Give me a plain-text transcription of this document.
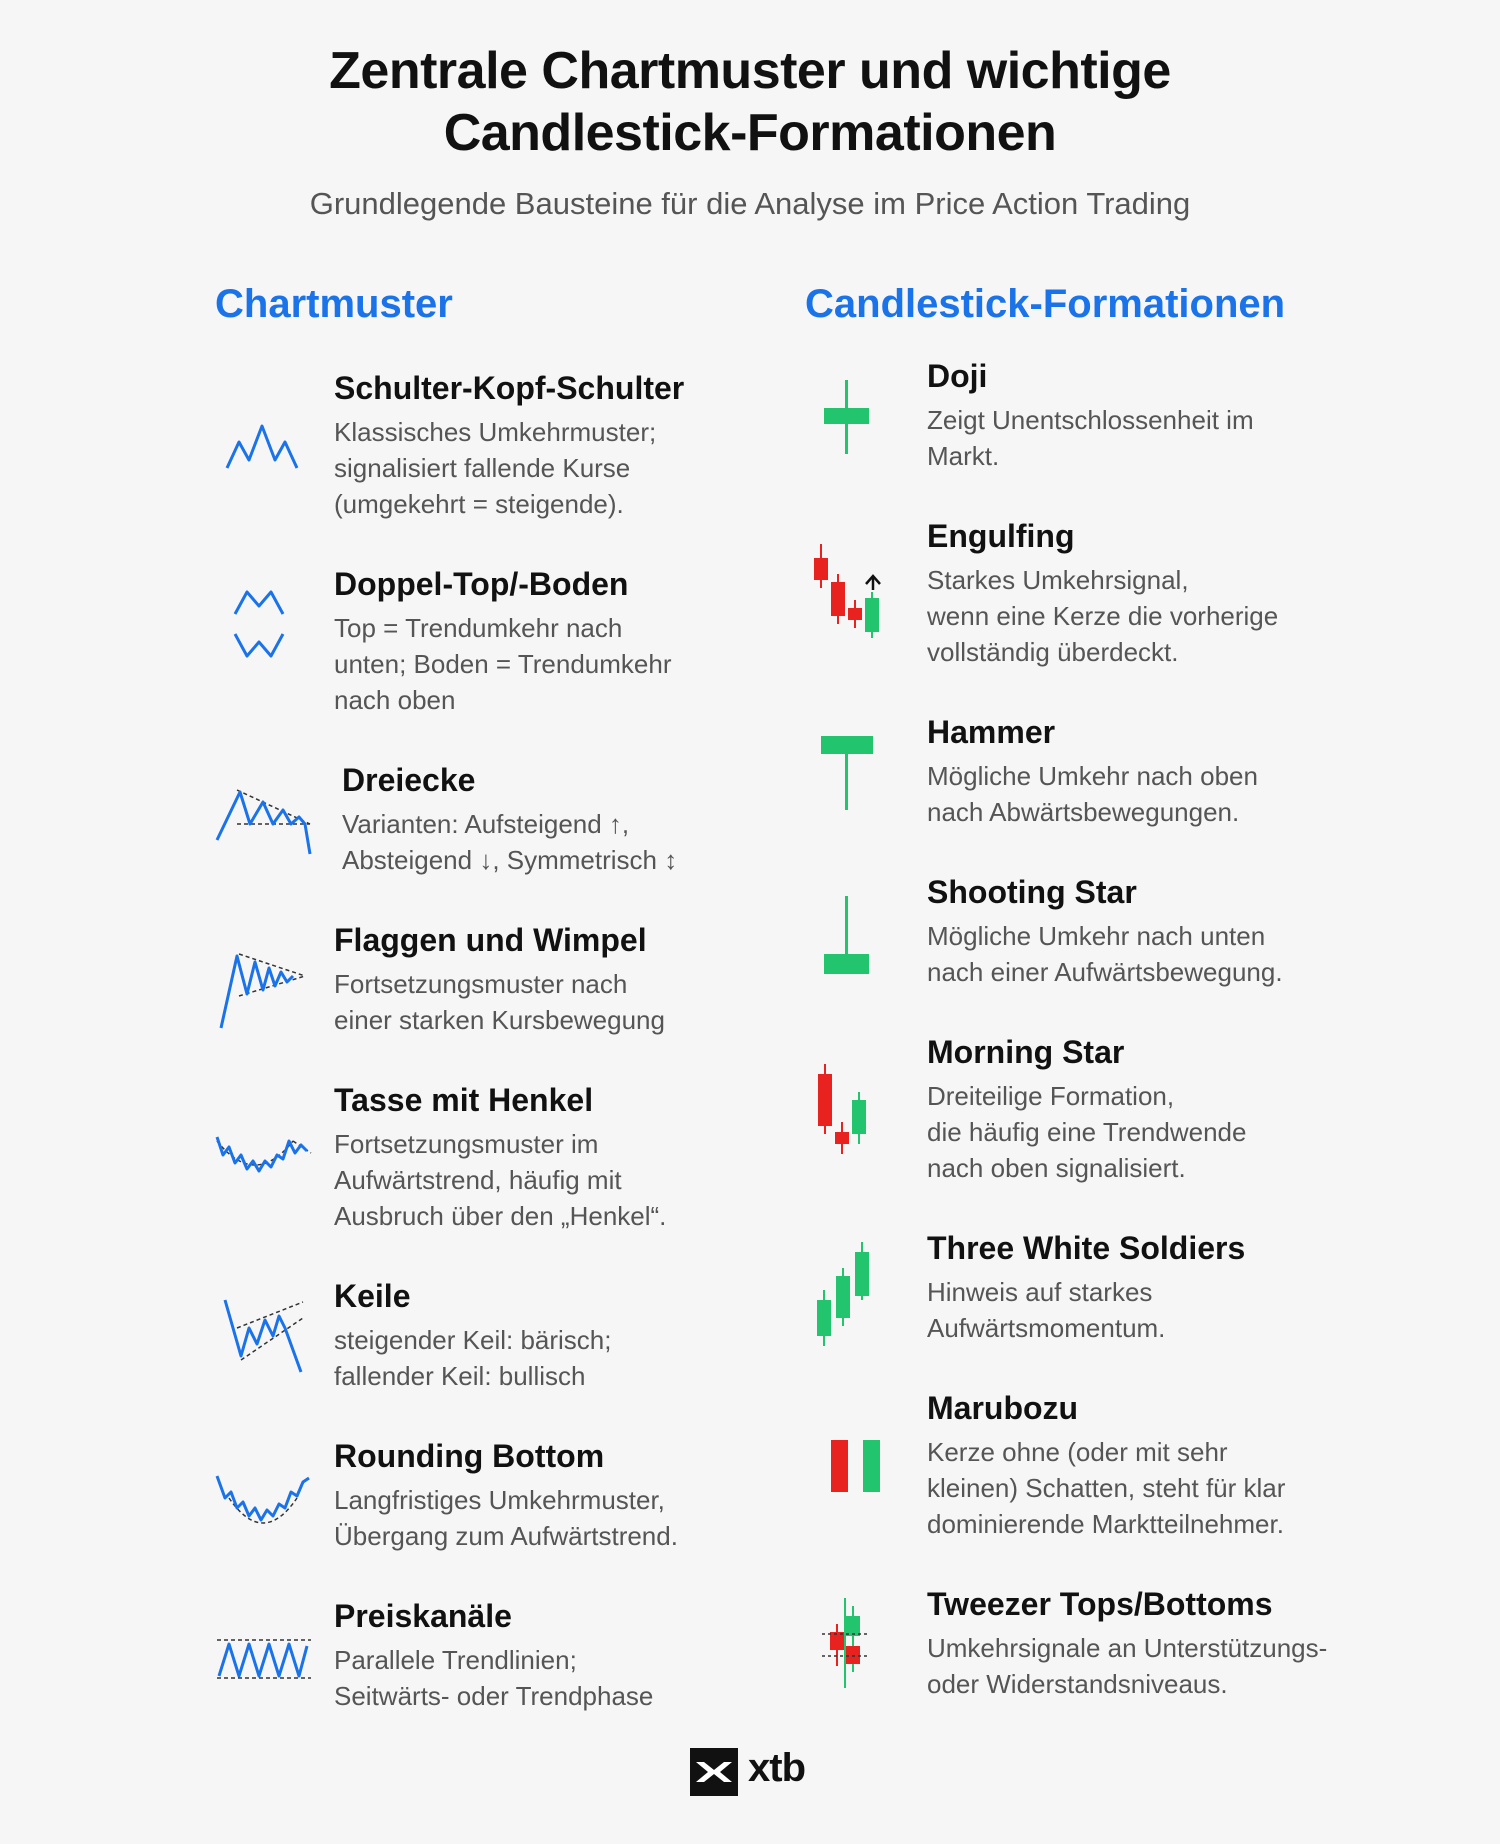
Zentrale Chartmuster und wichtige
Candlestick-Formationen
Grundlegende Bausteine für die Analyse im Price Action Trading
Chartmuster	Candlestick-Formationen
Schulter-Kopf-Schulter
Klassisches Umkehrmuster;
signalisiert fallende Kurse
(umgekehrt = steigende).
Doppel-Top/-Boden
Top = Trendumkehr nach
unten; Boden = Trendumkehr
nach oben
Dreiecke
Varianten: Aufsteigend ↑,
Absteigend ↓, Symmetrisch ↕
Flaggen und Wimpel
Fortsetzungsmuster nach
einer starken Kursbewegung
Tasse mit Henkel
Fortsetzungsmuster im
Aufwärtstrend, häufig mit
Ausbruch über den „Henkel“.
Keile
steigender Keil: bärisch;
fallender Keil: bullisch
Rounding Bottom
Langfristiges Umkehrmuster,
Übergang zum Aufwärtstrend.
Preiskanäle
Parallele Trendlinien;
Seitwärts- oder Trendphase
Doji
Zeigt Unentschlossenheit im
Markt.
Engulfing
Starkes Umkehrsignal,
wenn eine Kerze die vorherige
vollständig überdeckt.
Hammer
Mögliche Umkehr nach oben
nach Abwärtsbewegungen.
Shooting Star
Mögliche Umkehr nach unten
nach einer Aufwärtsbewegung.
Morning Star
Dreiteilige Formation,
die häufig eine Trendwende
nach oben signalisiert.
Three White Soldiers
Hinweis auf starkes
Aufwärtsmomentum.
Marubozu
Kerze ohne (oder mit sehr
kleinen) Schatten, steht für klar
dominierende Marktteilnehmer.
Tweezer Tops/Bottoms
Umkehrsignale an Unterstützungs-
oder Widerstandsniveaus.
xtb
